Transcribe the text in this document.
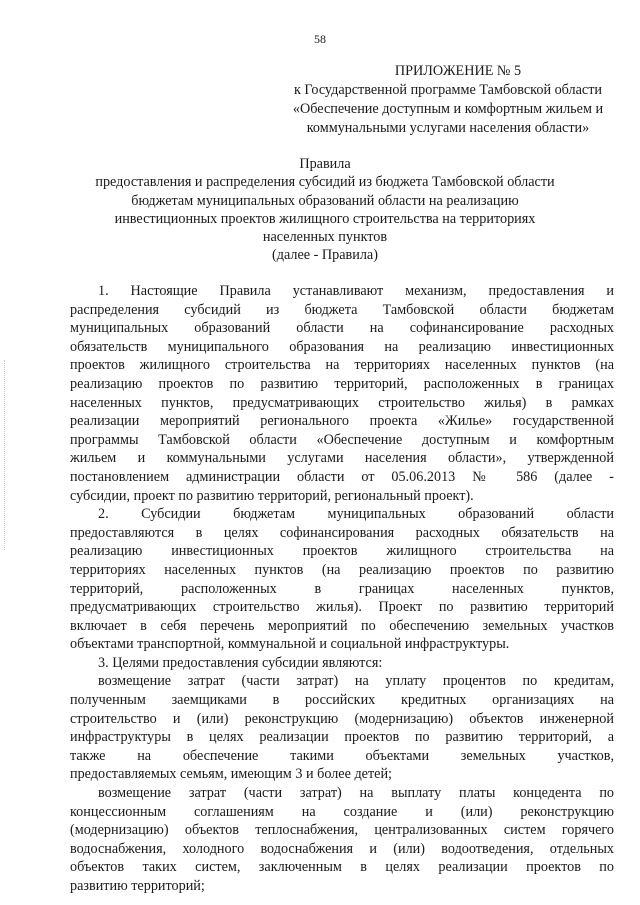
58
ПРИЛОЖЕНИЕ № 5
к Государственной программе Тамбовской области
«Обеспечение доступным и комфортным жильем и
коммунальными услугами населения области»
Правила
предоставления и распределения субсидий из бюджета Тамбовской области
бюджетам муниципальных образований области на реализацию
инвестиционных проектов жилищного строительства на территориях
населенных пунктов
(далее - Правила)
1. Настоящие Правила устанавливают механизм, предоставления и
распределения субсидий из бюджета Тамбовской области бюджетам
муниципальных образований области на софинансирование расходных
обязательств муниципального образования на реализацию инвестиционных
проектов жилищного строительства на территориях населенных пунктов (на
реализацию проектов по развитию территорий, расположенных в границах
населенных пунктов, предусматривающих строительство жилья) в рамках
реализации мероприятий регионального проекта «Жилье» государственной
программы Тамбовской области «Обеспечение доступным и комфортным
жильем и коммунальными услугами населения области», утвержденной
постановлением администрации области от 05.06.2013 № 586 (далее -
субсидии, проект по развитию территорий, региональный проект).
2. Субсидии бюджетам муниципальных образований области
предоставляются в целях софинансирования расходных обязательств на
реализацию инвестиционных проектов жилищного строительства на
территориях населенных пунктов (на реализацию проектов по развитию
территорий, расположенных в границах населенных пунктов,
предусматривающих строительство жилья). Проект по развитию территорий
включает в себя перечень мероприятий по обеспечению земельных участков
объектами транспортной, коммунальной и социальной инфраструктуры.
3. Целями предоставления субсидии являются:
возмещение затрат (части затрат) на уплату процентов по кредитам,
полученным заемщиками в российских кредитных организациях на
строительство и (или) реконструкцию (модернизацию) объектов инженерной
инфраструктуры в целях реализации проектов по развитию территорий, а
также на обеспечение такими объектами земельных участков,
предоставляемых семьям, имеющим 3 и более детей;
возмещение затрат (части затрат) на выплату платы концедента по
концессионным соглашениям на создание и (или) реконструкцию
(модернизацию) объектов теплоснабжения, централизованных систем горячего
водоснабжения, холодного водоснабжения и (или) водоотведения, отдельных
объектов таких систем, заключенным в целях реализации проектов по
развитию территорий;
